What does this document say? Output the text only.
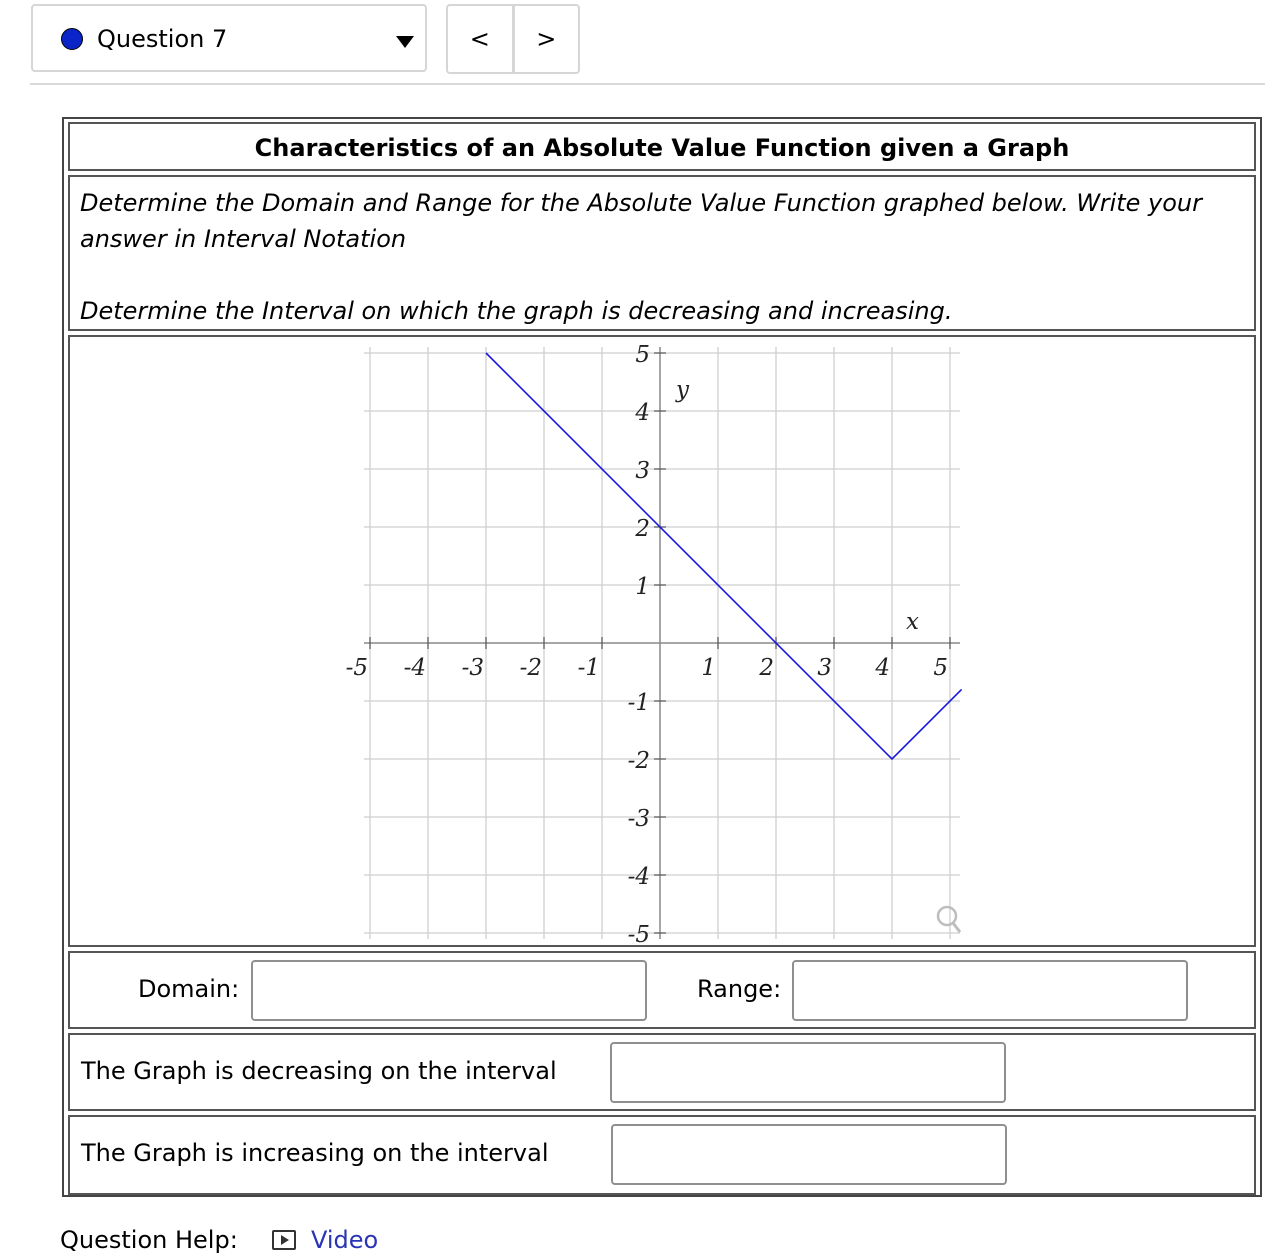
Question 7	<	>
Characteristics of an Absolute Value Function given a Graph

Determine the Domain and Range for the Absolute Value Function graphed below. Write your answer in Interval Notation

Determine the Interval on which the graph is decreasing and increasing.

-5 -4 -3 -2 -1	1 2 3 4 5
5
4
3
2
1
-1
-2
-3
-4
-5
x
y
Domain:	Range:
The Graph is decreasing on the interval
The Graph is increasing on the interval
Question Help:	Video
